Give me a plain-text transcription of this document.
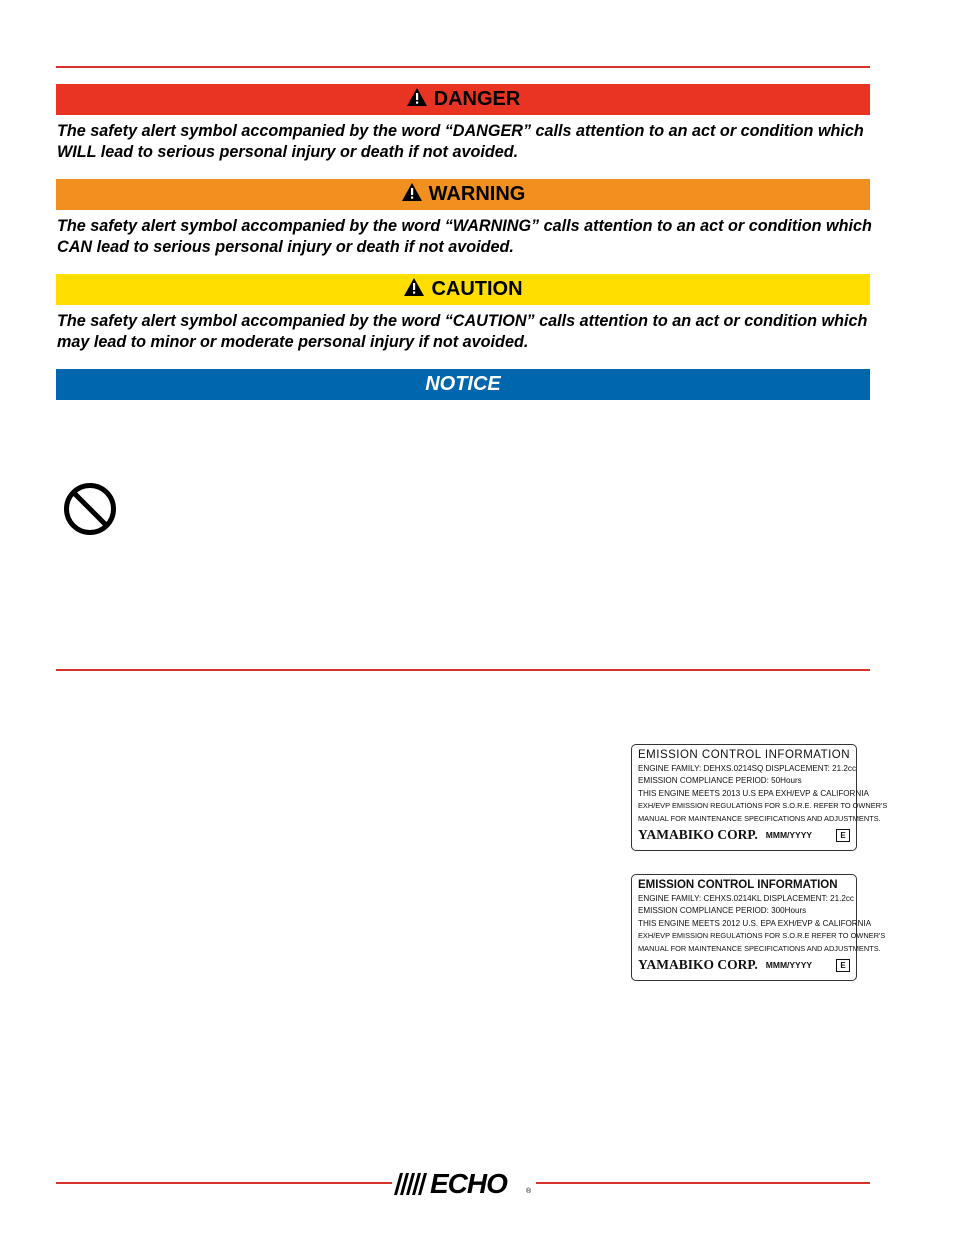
DANGER

The safety alert symbol accompanied by the word “DANGER” calls attention to an act or condition which WILL lead to serious personal injury or death if not avoided.

WARNING

The safety alert symbol accompanied by the word “WARNING” calls attention to an act or condition which CAN lead to serious personal injury or death if not avoided.

CAUTION

The safety alert symbol accompanied by the word “CAUTION” calls attention to an act or condition which may lead to minor or moderate personal injury if not avoided.

NOTICE
EMISSION CONTROL INFORMATION
ENGINE FAMILY: DEHXS.0214SQ DISPLACEMENT: 21.2cc
EMISSION COMPLIANCE PERIOD: 50Hours
THIS ENGINE MEETS 2013 U.S EPA EXH/EVP & CALIFORNIA
EXH/EVP EMISSION REGULATIONS FOR S.O.R.E. REFER TO OWNER'S
MANUAL FOR MAINTENANCE SPECIFICATIONS AND ADJUSTMENTS.
YAMABIKO CORP. MMM/YYYY	E
EMISSION CONTROL INFORMATION
ENGINE FAMILY: CEHXS.0214KL DISPLACEMENT: 21.2cc
EMISSION COMPLIANCE PERIOD: 300Hours
THIS ENGINE MEETS 2012 U.S. EPA EXH/EVP & CALIFORNIA
EXH/EVP EMISSION REGULATIONS FOR S.O.R.E REFER TO OWNER'S
MANUAL FOR MAINTENANCE SPECIFICATIONS AND ADJUSTMENTS.
YAMABIKO CORP. MMM/YYYY	E
ECHO	®
